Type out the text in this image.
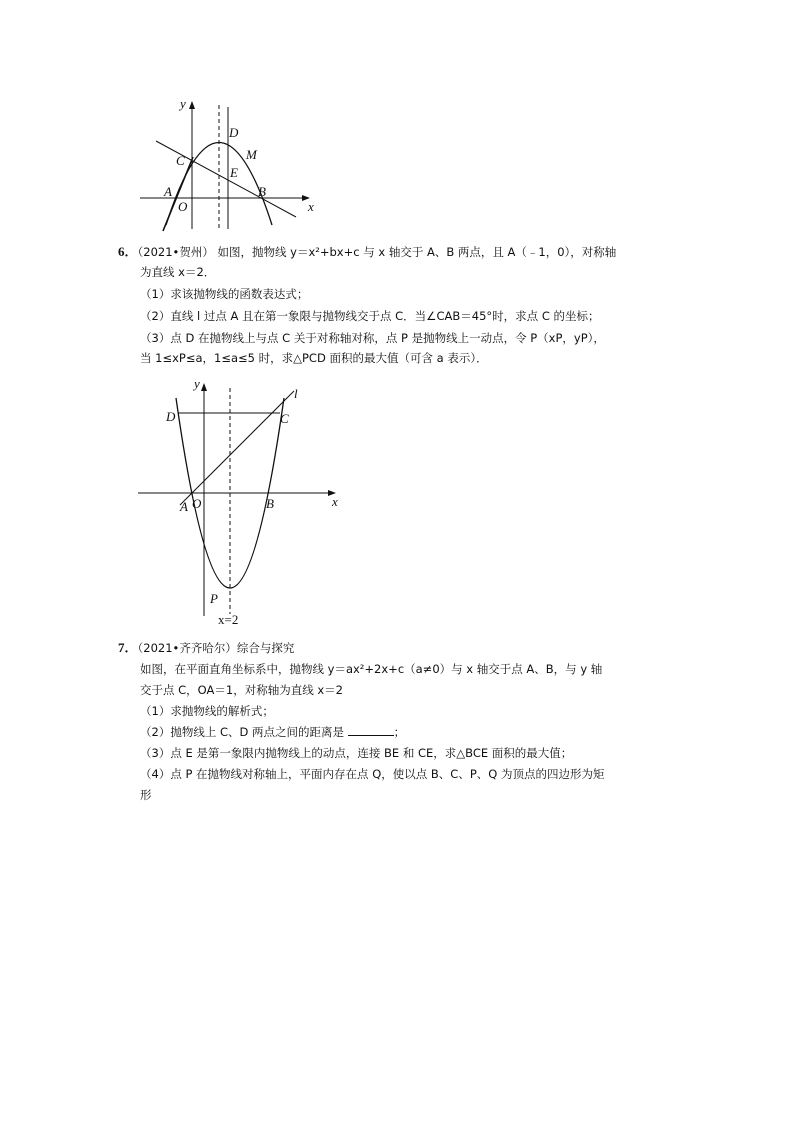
y
x
D
C	M
E
A	B
O
6．（2021•贺州） 如图，抛物线 y＝x²+bx+c 与 x 轴交于 A、B 两点，且 A（﹣1，0），对称轴
为直线 x＝2．
（1）求该抛物线的函数表达式；
（2）直线 l 过点 A 且在第一象限与抛物线交于点 C．当∠CAB＝45°时，求点 C 的坐标；
（3）点 D 在抛物线上与点 C 关于对称轴对称，点 P 是抛物线上一动点，令 P（xP，yP），
当 1≤xP≤a，1≤a≤5 时，求△PCD 面积的最大值（可含 a 表示）．
y
l
D	C
x
A O	B
P
x=2
7．（2021•齐齐哈尔）综合与探究
如图，在平面直角坐标系中，抛物线 y＝ax²+2x+c（a≠0）与 x 轴交于点 A、B，与 y 轴
交于点 C，OA＝1，对称轴为直线 x＝2
（1）求抛物线的解析式；
（2）抛物线上 C、D 两点之间的距离是	；
（3）点 E 是第一象限内抛物线上的动点，连接 BE 和 CE，求△BCE 面积的最大值；
（4）点 P 在抛物线对称轴上，平面内存在点 Q，使以点 B、C、P、Q 为顶点的四边形为矩
形
